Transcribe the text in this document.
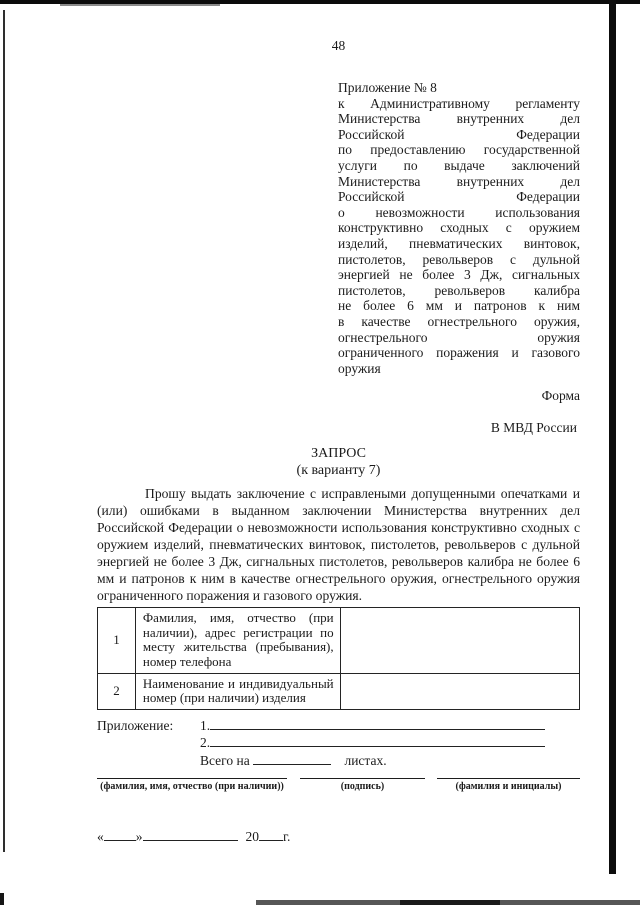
48
Приложение № 8
к Административному регламенту
Министерства внутренних дел
Российской Федерации
по предоставлению государственной
услуги по выдаче заключений
Министерства внутренних дел
Российской Федерации
о невозможности использования
конструктивно сходных с оружием
изделий, пневматических винтовок,
пистолетов, револьверов с дульной
энергией не более 3 Дж, сигнальных
пистолетов, револьверов калибра
не более 6 мм и патронов к ним
в качестве огнестрельного оружия,
огнестрельного оружия
ограниченного поражения и газового
оружия
Форма
В МВД России
ЗАПРОС
(к варианту 7)
Прошу выдать заключение с исправлеными допущенными опечатками и (или) ошибками в выданном заключении Министерства внутренних дел Российской Федерации о невозможности использования конструктивно сходных с оружием изделий, пневматических винтовок, пистолетов, револьверов с дульной энергией не более 3 Дж, сигнальных пистолетов, револьверов калибра не более 6 мм и патронов к ним в качестве огнестрельного оружия, огнестрельного оружия ограниченного поражения и газового оружия.
1	Фамилия, имя, отчество (при наличии), адрес регистрации по месту жительства (пребывания), номер телефона	
2	Наименование и индивидуальный номер (при наличии) изделия	
Приложение:	1.
2.
Всего на	листах.
(фамилия, имя, отчество (при наличии))	(подпись)	(фамилия и инициалы)
« »	20 г.
